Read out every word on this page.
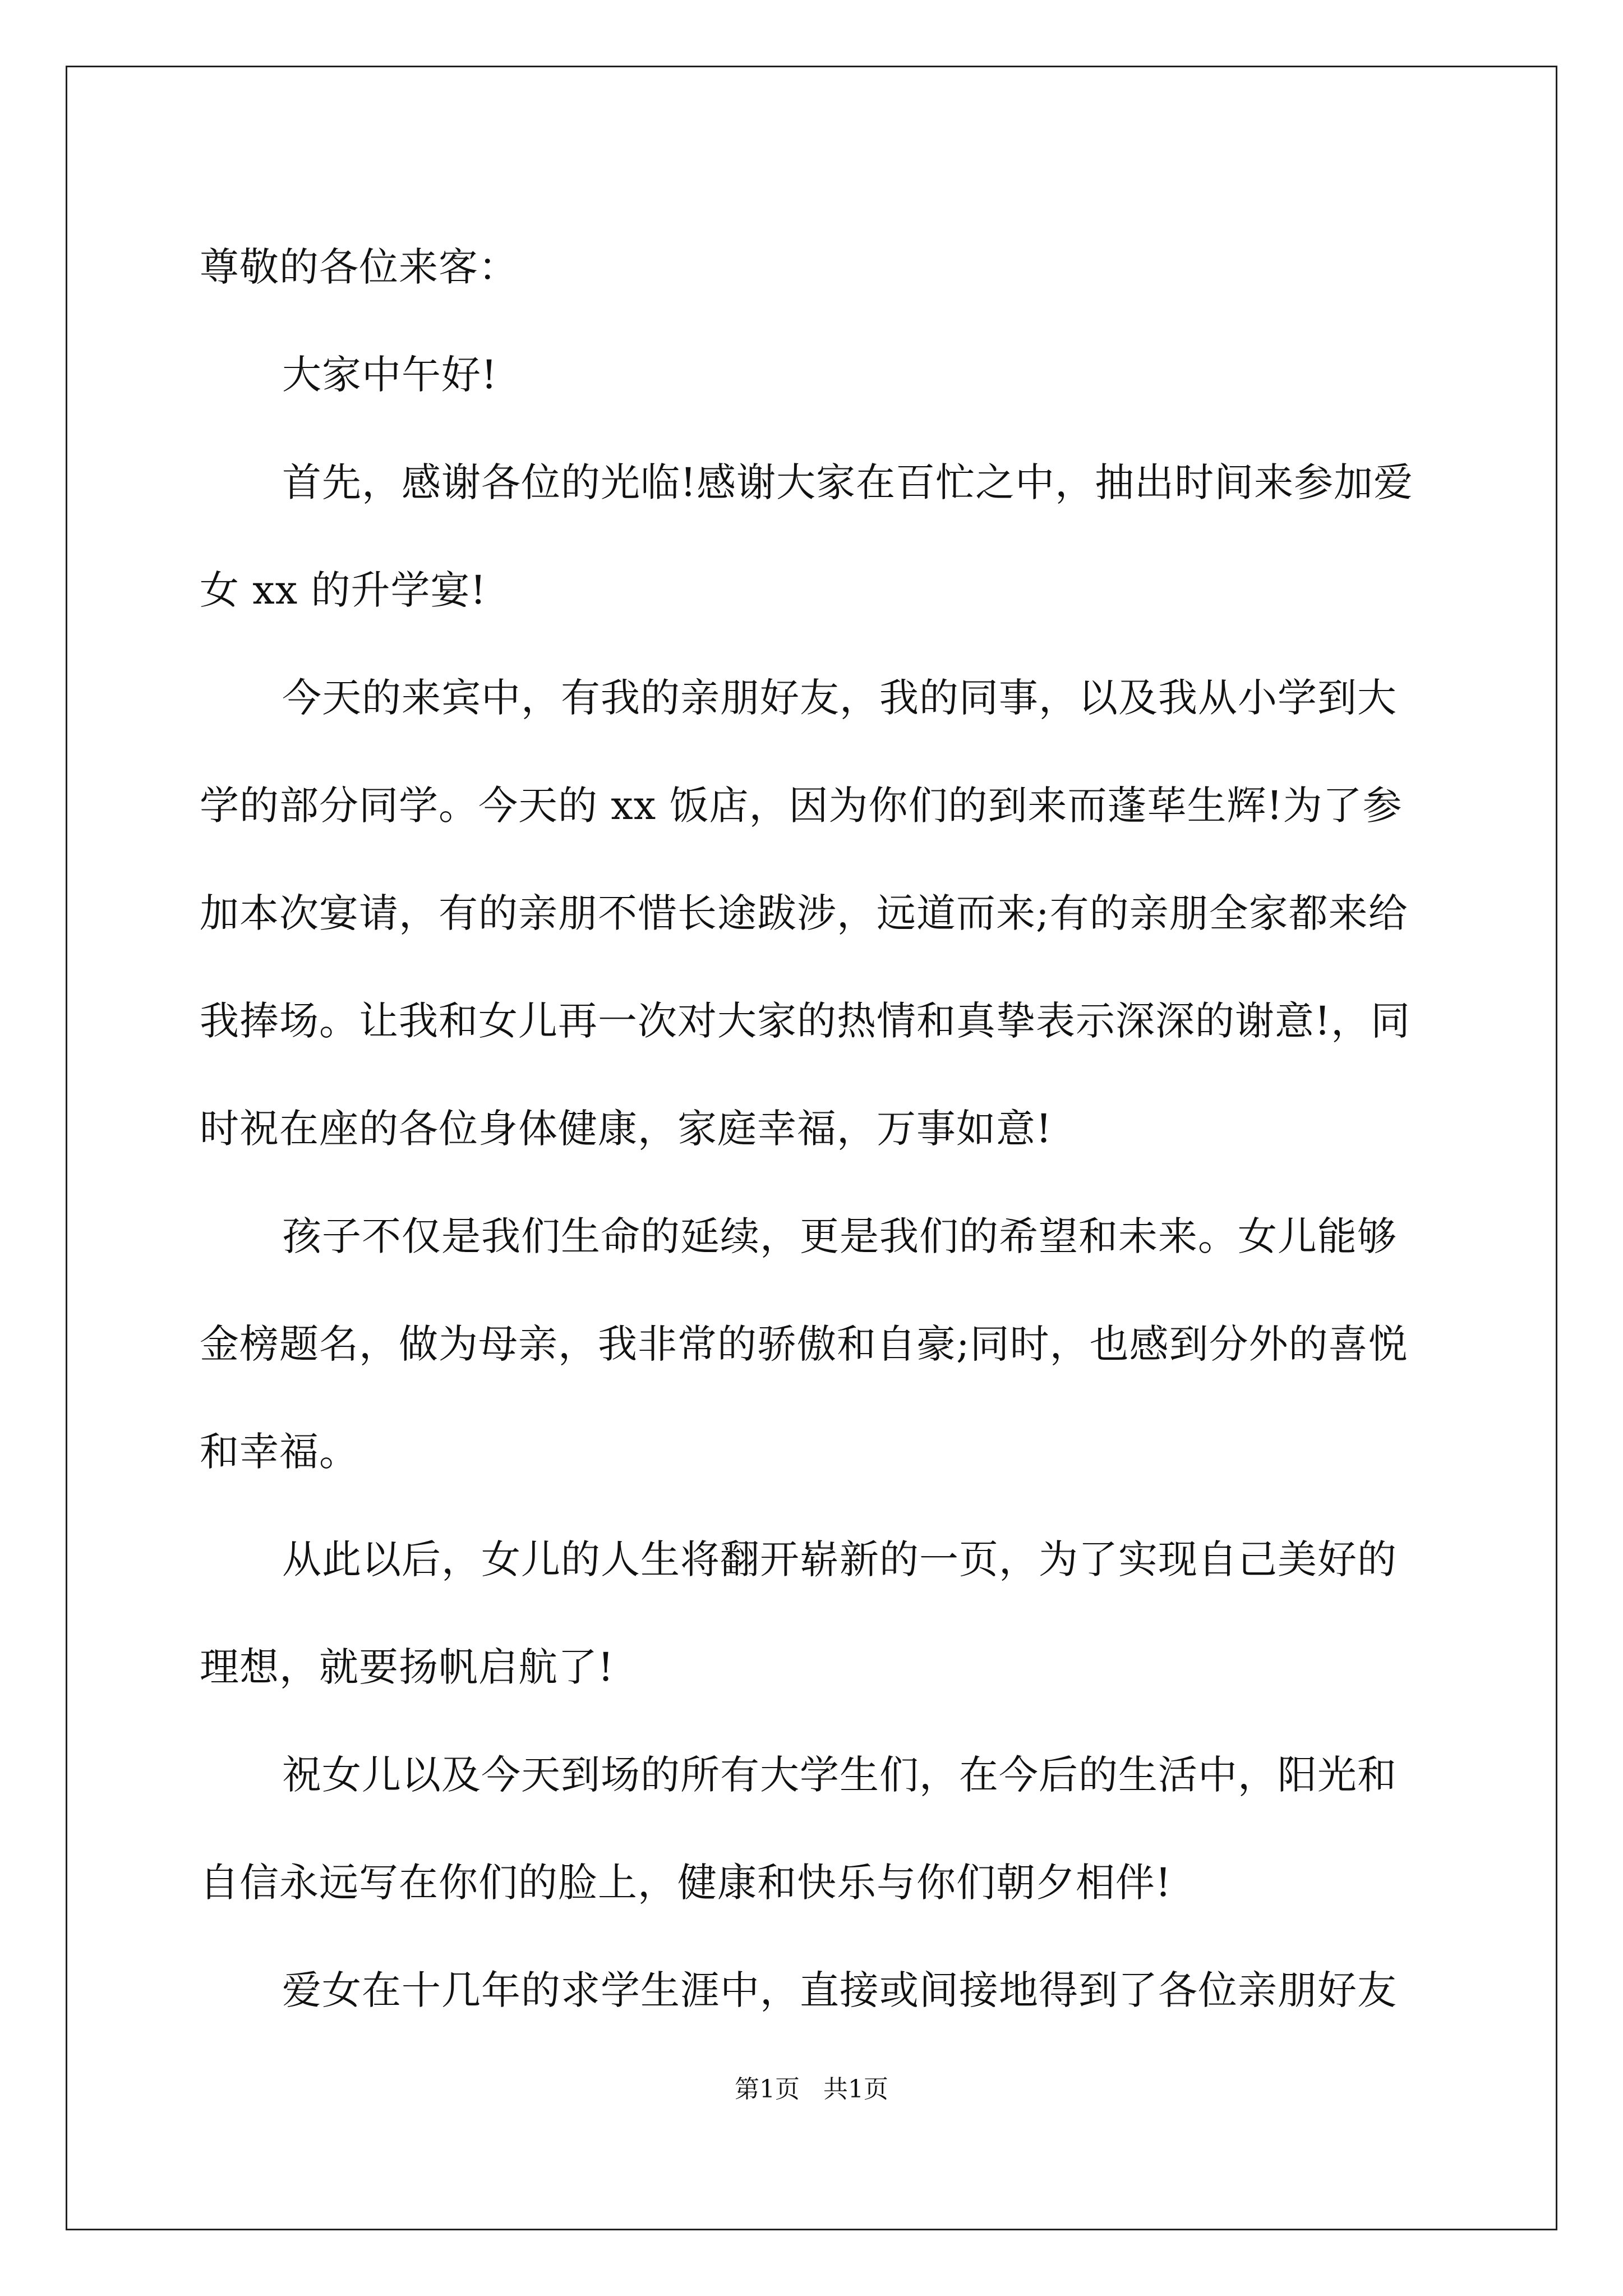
尊敬的各位来客：
大家中午好!
首先，感谢各位的光临!感谢大家在百忙之中，抽出时间来参加爱
女 xx 的升学宴!
今天的来宾中，有我的亲朋好友，我的同事，以及我从小学到大
学的部分同学。今天的 xx 饭店，因为你们的到来而蓬荜生辉!为了参
加本次宴请，有的亲朋不惜长途跋涉，远道而来;有的亲朋全家都来给
我捧场。让我和女儿再一次对大家的热情和真挚表示深深的谢意!，同
时祝在座的各位身体健康，家庭幸福，万事如意!
孩子不仅是我们生命的延续，更是我们的希望和未来。女儿能够
金榜题名，做为母亲，我非常的骄傲和自豪;同时，也感到分外的喜悦
和幸福。
从此以后，女儿的人生将翻开崭新的一页，为了实现自己美好的
理想，就要扬帆启航了!
祝女儿以及今天到场的所有大学生们，在今后的生活中，阳光和
自信永远写在你们的脸上，健康和快乐与你们朝夕相伴!
爱女在十几年的求学生涯中，直接或间接地得到了各位亲朋好友
第1页   共1页
